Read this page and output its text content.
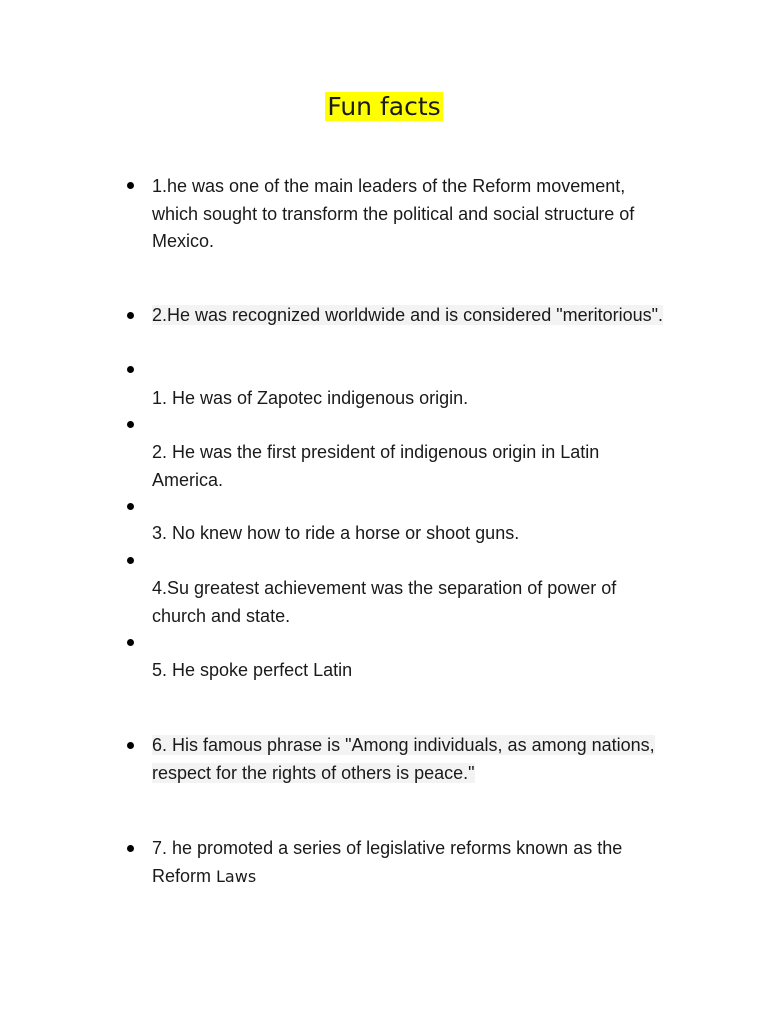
Fun facts
1.he was one of the main leaders of the Reform movement, which sought to transform the political and social structure of Mexico.
2.He was recognized worldwide and is considered "meritorious".
1. He was of Zapotec indigenous origin.
2. He was the first president of indigenous origin in Latin America.
3. No knew how to ride a horse or shoot guns.
4.Su greatest achievement was the separation of power of church and state.
5. He spoke perfect Latin
6. His famous phrase is "Among individuals, as among nations, respect for the rights of others is peace."
7. he promoted a series of legislative reforms known as the Reform Laws
